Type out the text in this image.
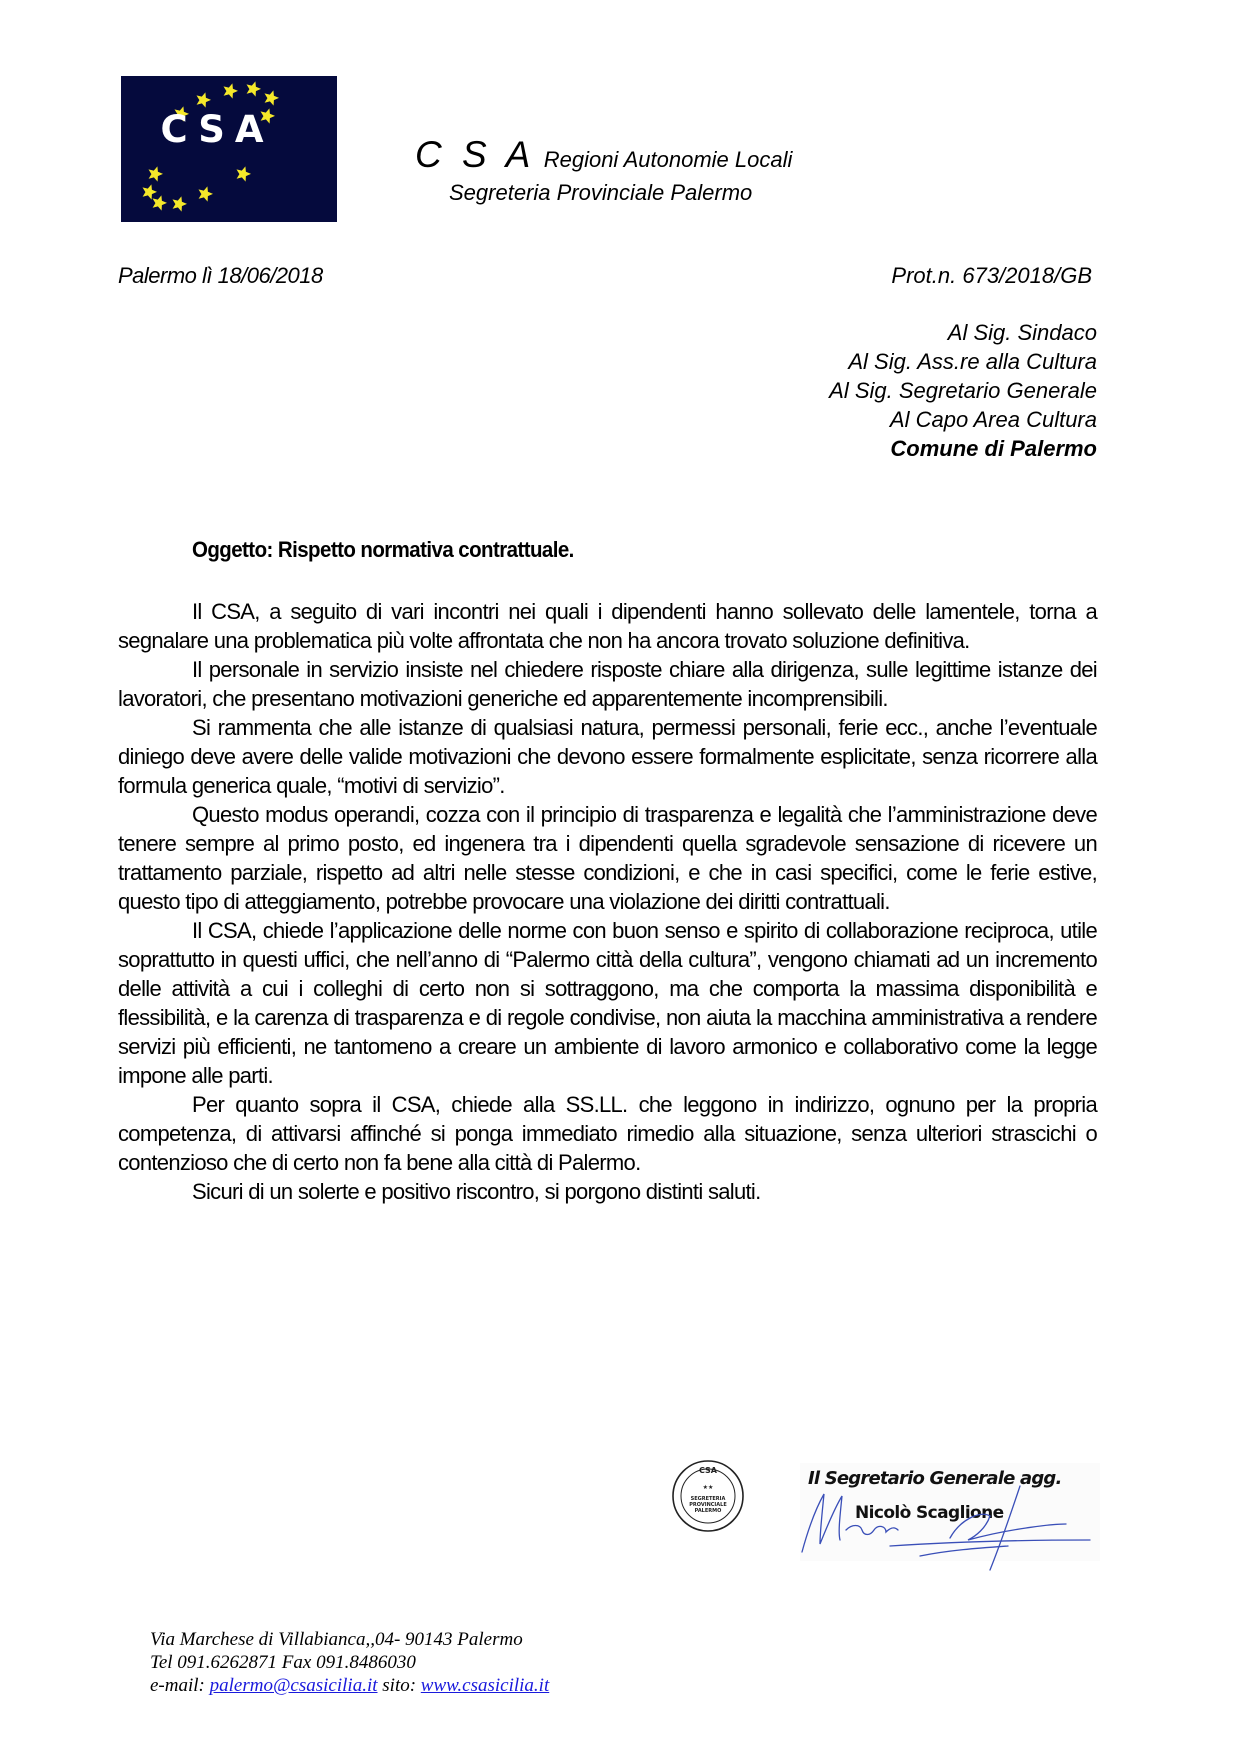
CSA
C S A Regioni Autonomie Locali
Segreteria Provinciale Palermo
Palermo lì 18/06/2018	Prot.n. 673/2018/GB
Al Sig. Sindaco
Al Sig. Ass.re alla Cultura
Al Sig. Segretario Generale
Al Capo Area Cultura
Comune di Palermo
Oggetto: Rispetto normativa contrattuale.

Il CSA, a seguito di vari incontri nei quali i dipendenti hanno sollevato delle lamentele, torna a segnalare una problematica più volte affrontata che non ha ancora trovato soluzione definitiva.

Il personale in servizio insiste nel chiedere risposte chiare alla dirigenza, sulle legittime istanze dei lavoratori, che presentano motivazioni generiche ed apparentemente incomprensibili.

Si rammenta che alle istanze di qualsiasi natura, permessi personali, ferie ecc., anche l’eventuale diniego deve avere delle valide motivazioni che devono essere formalmente esplicitate, senza ricorrere alla formula generica quale, “motivi di servizio”.

Questo modus operandi, cozza con il principio di trasparenza e legalità che l’amministrazione deve tenere sempre al primo posto, ed ingenera tra i dipendenti quella sgradevole sensazione di ricevere un trattamento parziale, rispetto ad altri nelle stesse condizioni, e che in casi specifici, come le ferie estive, questo tipo di atteggiamento, potrebbe provocare una violazione dei diritti contrattuali.

Il CSA, chiede l’applicazione delle norme con buon senso e spirito di collaborazione reciproca, utile soprattutto in questi uffici, che nell’anno di “Palermo città della cultura”, vengono chiamati ad un incremento delle attività a cui i colleghi di certo non si sottraggono, ma che comporta la massima disponibilità e flessibilità, e la carenza di trasparenza e di regole condivise, non aiuta la macchina amministrativa a rendere servizi più efficienti, ne tantomeno a creare un ambiente di lavoro armonico e collaborativo come la legge impone alle parti.

Per quanto sopra il CSA, chiede alla SS.LL. che leggono in indirizzo, ognuno per la propria competenza, di attivarsi affinché si ponga immediato rimedio alla situazione, senza ulteriori strascichi o contenzioso che di certo non fa bene alla città di Palermo.

Sicuri di un solerte e positivo riscontro, si porgono distinti saluti.

CSA
★★
SEGRETERIA
PROVINCIALE
PALERMO
Il Segretario Generale agg.
Nicolò Scaglione
Via Marchese di Villabianca,,04- 90143 Palermo
Tel 091.6262871 Fax 091.8486030
e-mail: palermo@csasicilia.it sito: www.csasicilia.it
